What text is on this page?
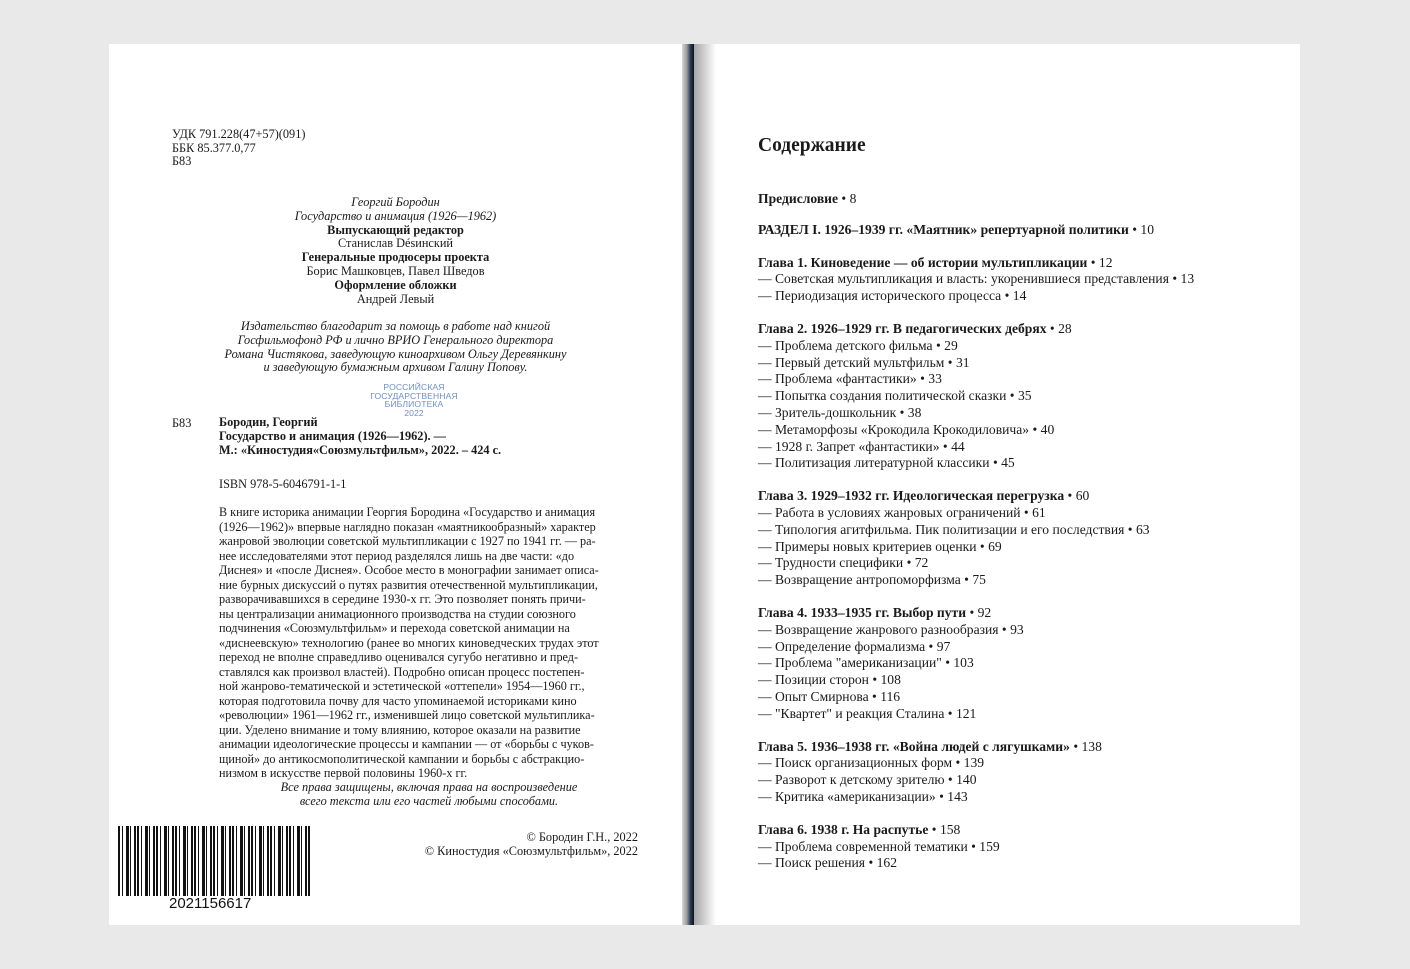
УДК 791.228(47+57)(091)
ББК 85.377.0,77
Б83
Георгий Бородин
Государство и анимация (1926—1962)
Выпускающий редактор
Станислав Désинский
Генеральные продюсеры проекта
Борис Машковцев, Павел Шведов
Оформление обложки
Андрей Левый
Издательство благодарит за помощь в работе над книгой
Госфильмофонд РФ и лично ВРИО Генерального директора
Романа Чистякова, заведующую киноархивом Ольгу Деревянкину
и заведующую бумажным архивом Галину Попову.
РОССИЙСКАЯ
ГОСУДАРСТВЕННАЯ
БИБЛИОТЕКА
2022
Б83 Бородин, Георгий
Государство и анимация (1926—1962). —
М.: «Киностудия«Союзмультфильм», 2022. – 424 с.
ISBN 978-5-6046791-1-1
В книге историка анимации Георгия Бородина «Государство и анимация
(1926—1962)» впервые наглядно показан «маятникообразный» характер
жанровой эволюции советской мультипликации с 1927 по 1941 гг. — ра-
нее исследователями этот период разделялся лишь на две части: «до
Диснея» и «после Диснея». Особое место в монографии занимает описа-
ние бурных дискуссий о путях развития отечественной мультипликации,
разворачивавшихся в середине 1930-х гг. Это позволяет понять причи-
ны централизации анимационного производства на студии союзного
подчинения «Союзмультфильм» и перехода советской анимации на
«диснеевскую» технологию (ранее во многих киноведческих трудах этот
переход не вполне справедливо оценивался сугубо негативно и пред-
ставлялся как произвол властей). Подробно описан процесс постепен-
ной жанрово-тематической и эстетической «оттепели» 1954—1960 гг.,
которая подготовила почву для часто упоминаемой историками кино
«революции» 1961—1962 гг., изменившей лицо советской мультиплика-
ции. Уделено внимание и тому влиянию, которое оказали на развитие
анимации идеологические процессы и кампании — от «борьбы с чуков-
щиной» до антикосмополитической кампании и борьбы с абстракцио-
низмом в искусстве первой половины 1960-х гг.
Все права защищены, включая права на воспроизведение
всего текста или его частей любыми способами.
© Бородин Г.Н., 2022
© Киностудия «Союзмультфильм», 2022
2021156617
Содержание
Предисловие • 8
РАЗДЕЛ I. 1926–1939 гг. «Маятник» репертуарной политики • 10
Глава 1. Киноведение — об истории мультипликации • 12
— Советская мультипликация и власть: укоренившиеся представления • 13
— Периодизация исторического процесса • 14
Глава 2. 1926–1929 гг. В педагогических дебрях • 28
— Проблема детского фильма • 29
— Первый детский мультфильм • 31
— Проблема «фантастики» • 33
— Попытка создания политической сказки • 35
— Зритель-дошкольник • 38
— Метаморфозы «Крокодила Крокодиловича» • 40
— 1928 г. Запрет «фантастики» • 44
— Политизация литературной классики • 45
Глава 3. 1929–1932 гг. Идеологическая перегрузка • 60
— Работа в условиях жанровых ограничений • 61
— Типология агитфильма. Пик политизации и его последствия • 63
— Примеры новых критериев оценки • 69
— Трудности специфики • 72
— Возвращение антропоморфизма • 75
Глава 4. 1933–1935 гг. Выбор пути • 92
— Возвращение жанрового разнообразия • 93
— Определение формализма • 97
— Проблема "американизации" • 103
— Позиции сторон • 108
— Опыт Смирнова • 116
— "Квартет" и реакция Сталина • 121
Глава 5. 1936–1938 гг. «Война людей с лягушками» • 138
— Поиск организационных форм • 139
— Разворот к детскому зрителю • 140
— Критика «американизации» • 143
Глава 6. 1938 г. На распутье • 158
— Проблема современной тематики • 159
— Поиск решения • 162
